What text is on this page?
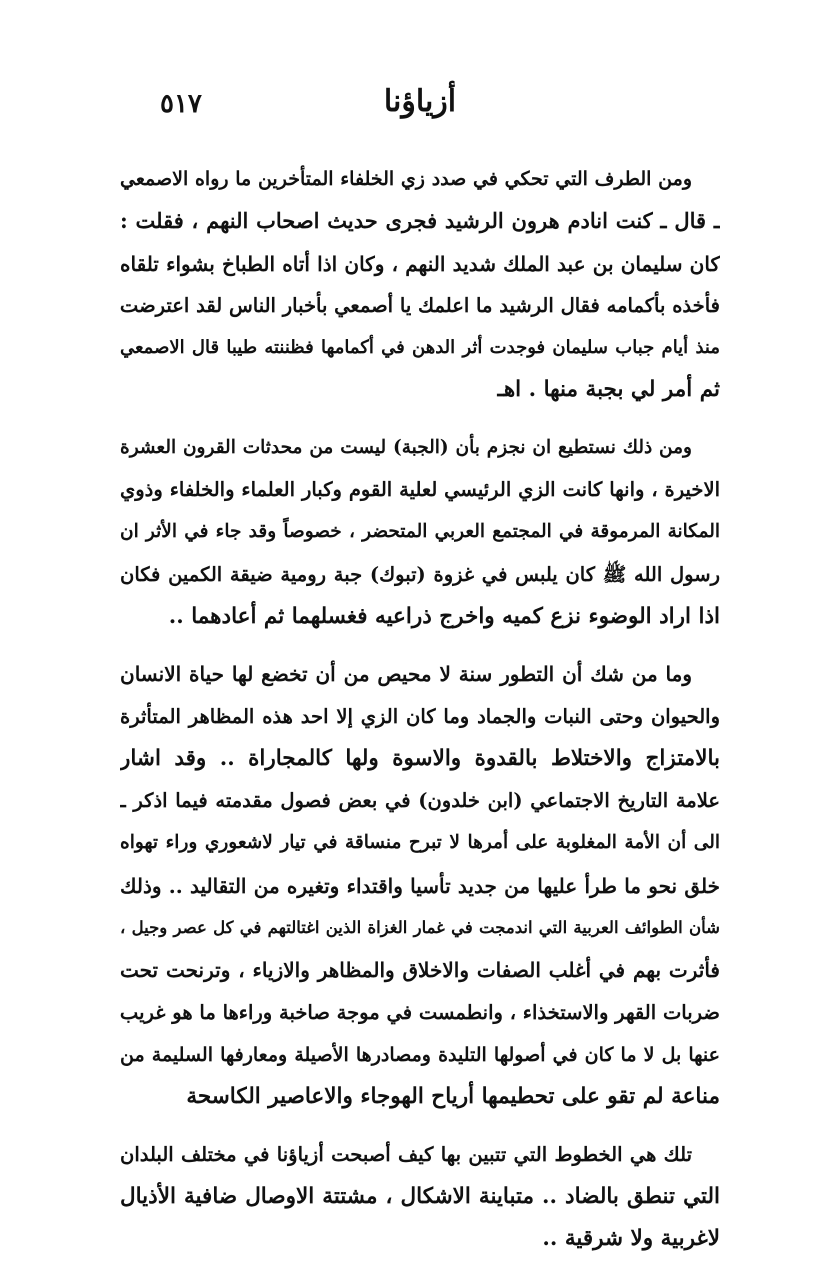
أزياؤنا
٥١٧

ومن الطرف التي تحكي في صدد زي الخلفاء المتأخرين ما رواه الاصمعي
ـ قال ـ كنت انادم هرون الرشيد فجرى حديث اصحاب النهم ، فقلت :
كان سليمان بن عبد الملك شديد النهم ، وكان اذا أتاه الطباخ بشواء تلقاه
فأخذه بأكمامه فقال الرشيد ما اعلمك يا أصمعي بأخبار الناس لقد اعترضت
منذ أيام جباب سليمان فوجدت أثر الدهن في أكمامها فظننته طيبا قال الاصمعي
ثم أمر لي بجبة منها . اهـ

ومن ذلك نستطيع ان نجزم بأن (الجبة) ليست من محدثات القرون العشرة
الاخيرة ، وانها كانت الزي الرئيسي لعلية القوم وكبار العلماء والخلفاء وذوي
المكانة المرموقة في المجتمع العربي المتحضر ، خصوصاً وقد جاء في الأثر ان
رسول الله ﷺ كان يلبس في غزوة (تبوك) جبة رومية ضيقة الكمين فكان
اذا اراد الوضوء نزع كميه واخرج ذراعيه فغسلهما ثم أعادهما ..

وما من شك أن التطور سنة لا محيص من أن تخضع لها حياة الانسان
والحيوان وحتى النبات والجماد وما كان الزي إلا احد هذه المظاهر المتأثرة
بالامتزاج والاختلاط بالقدوة والاسوة ولها كالمجاراة .. وقد اشار
علامة التاريخ الاجتماعي (ابن خلدون) في بعض فصول مقدمته فيما اذكر ـ
الى أن الأمة المغلوبة على أمرها لا تبرح منساقة في تيار لاشعوري وراء تهواه
خلق نحو ما طرأ عليها من جديد تأسيا واقتداء وتغيره من التقاليد .. وذلك
شأن الطوائف العربية التي اندمجت في غمار الغزاة الذين اغتالتهم في كل عصر وجيل ،
فأثرت بهم في أغلب الصفات والاخلاق والمظاهر والازياء ، وترنحت تحت
ضربات القهر والاستخذاء ، وانطمست في موجة صاخبة وراءها ما هو غريب
عنها بل لا ما كان في أصولها التليدة ومصادرها الأصيلة ومعارفها السليمة من
مناعة لم تقو على تحطيمها أرياح الهوجاء والاعاصير الكاسحة

تلك هي الخطوط التي تتبين بها كيف أصبحت أزياؤنا في مختلف البلدان
التي تنطق بالضاد .. متباينة الاشكال ، مشتتة الاوصال ضافية الأذيال
لاغربية ولا شرقية ..
